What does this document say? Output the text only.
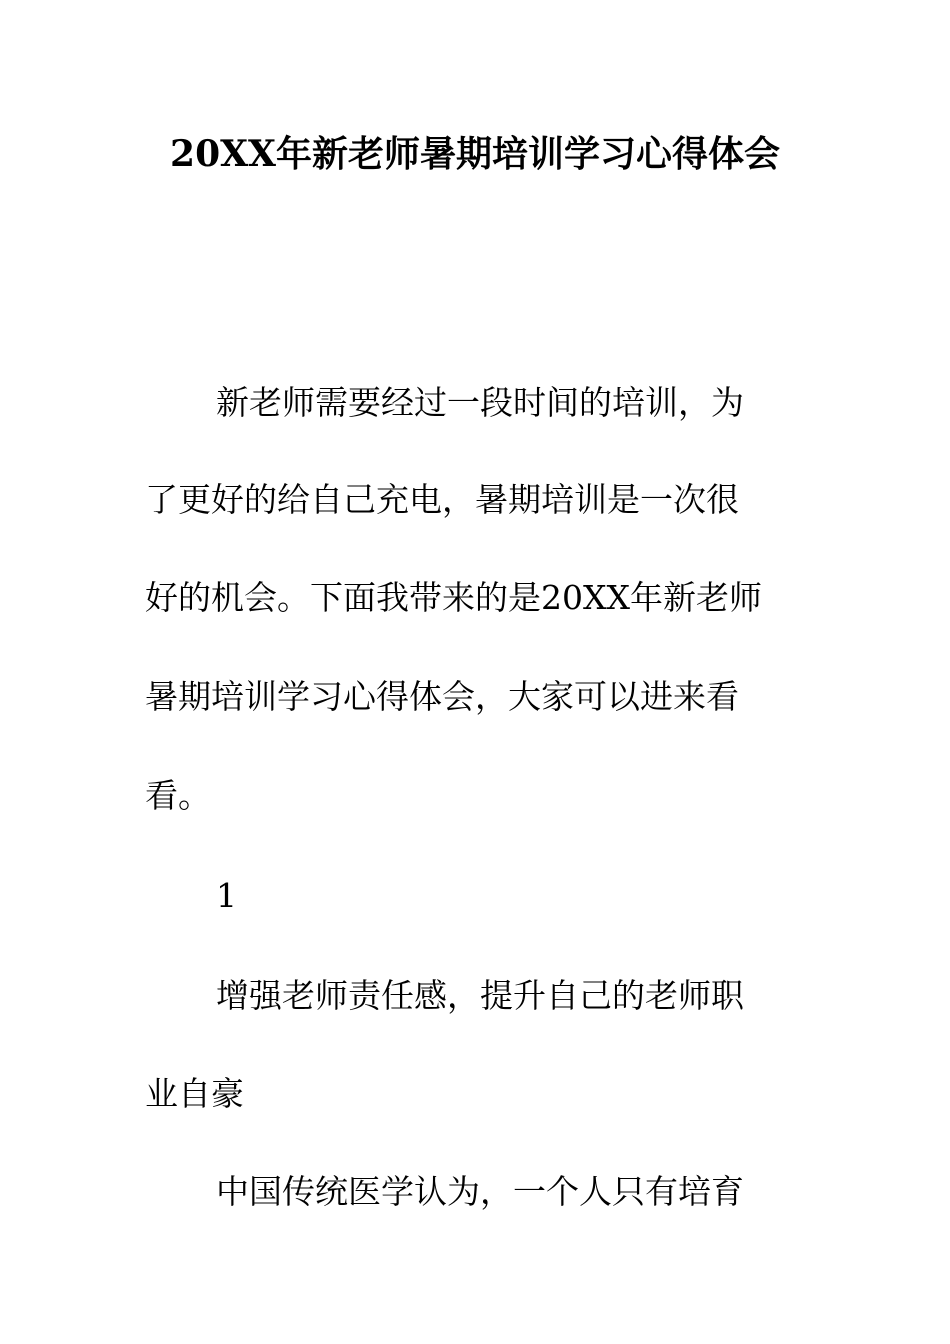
20XX年新老师暑期培训学习心得体会
新老师需要经过一段时间的培训，为
了更好的给自己充电，暑期培训是一次很
好的机会。下面我带来的是20XX年新老师
暑期培训学习心得体会，大家可以进来看
看。
1
增强老师责任感，提升自己的老师职
业自豪
中国传统医学认为，一个人只有培育
